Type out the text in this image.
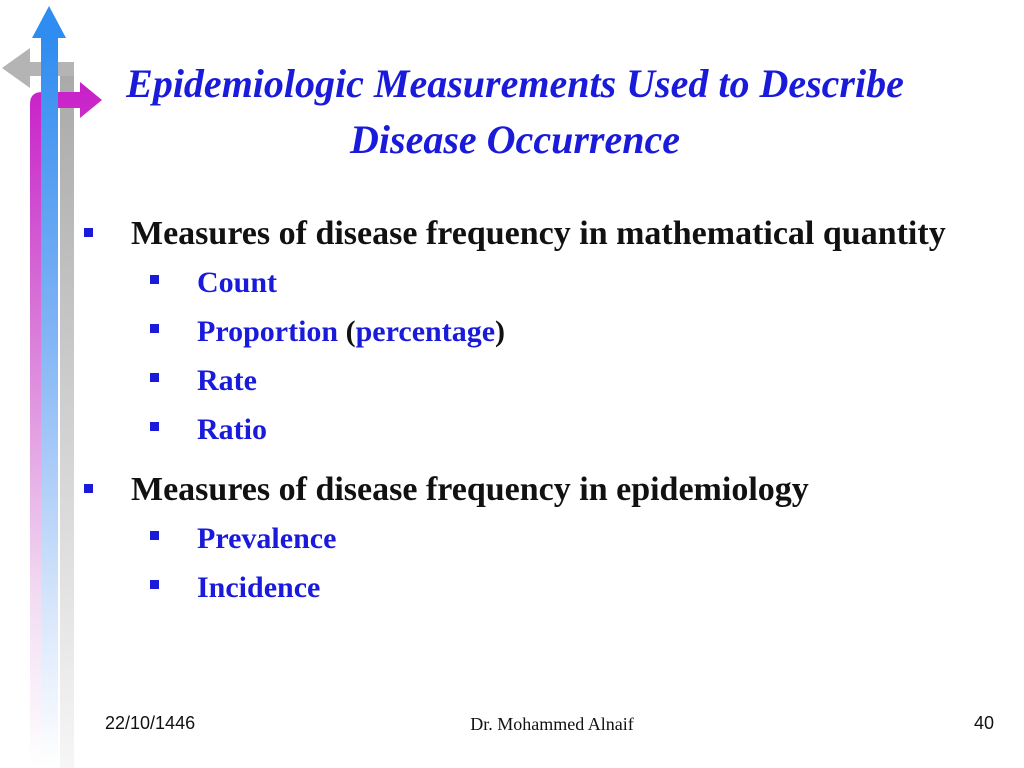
Epidemiologic Measurements Used to Describe Disease Occurrence
Measures of disease frequency in mathematical quantity
Count
Proportion (percentage)
Rate
Ratio
Measures of disease frequency in epidemiology
Prevalence
Incidence
22/10/1446	Dr. Mohammed Alnaif	40
